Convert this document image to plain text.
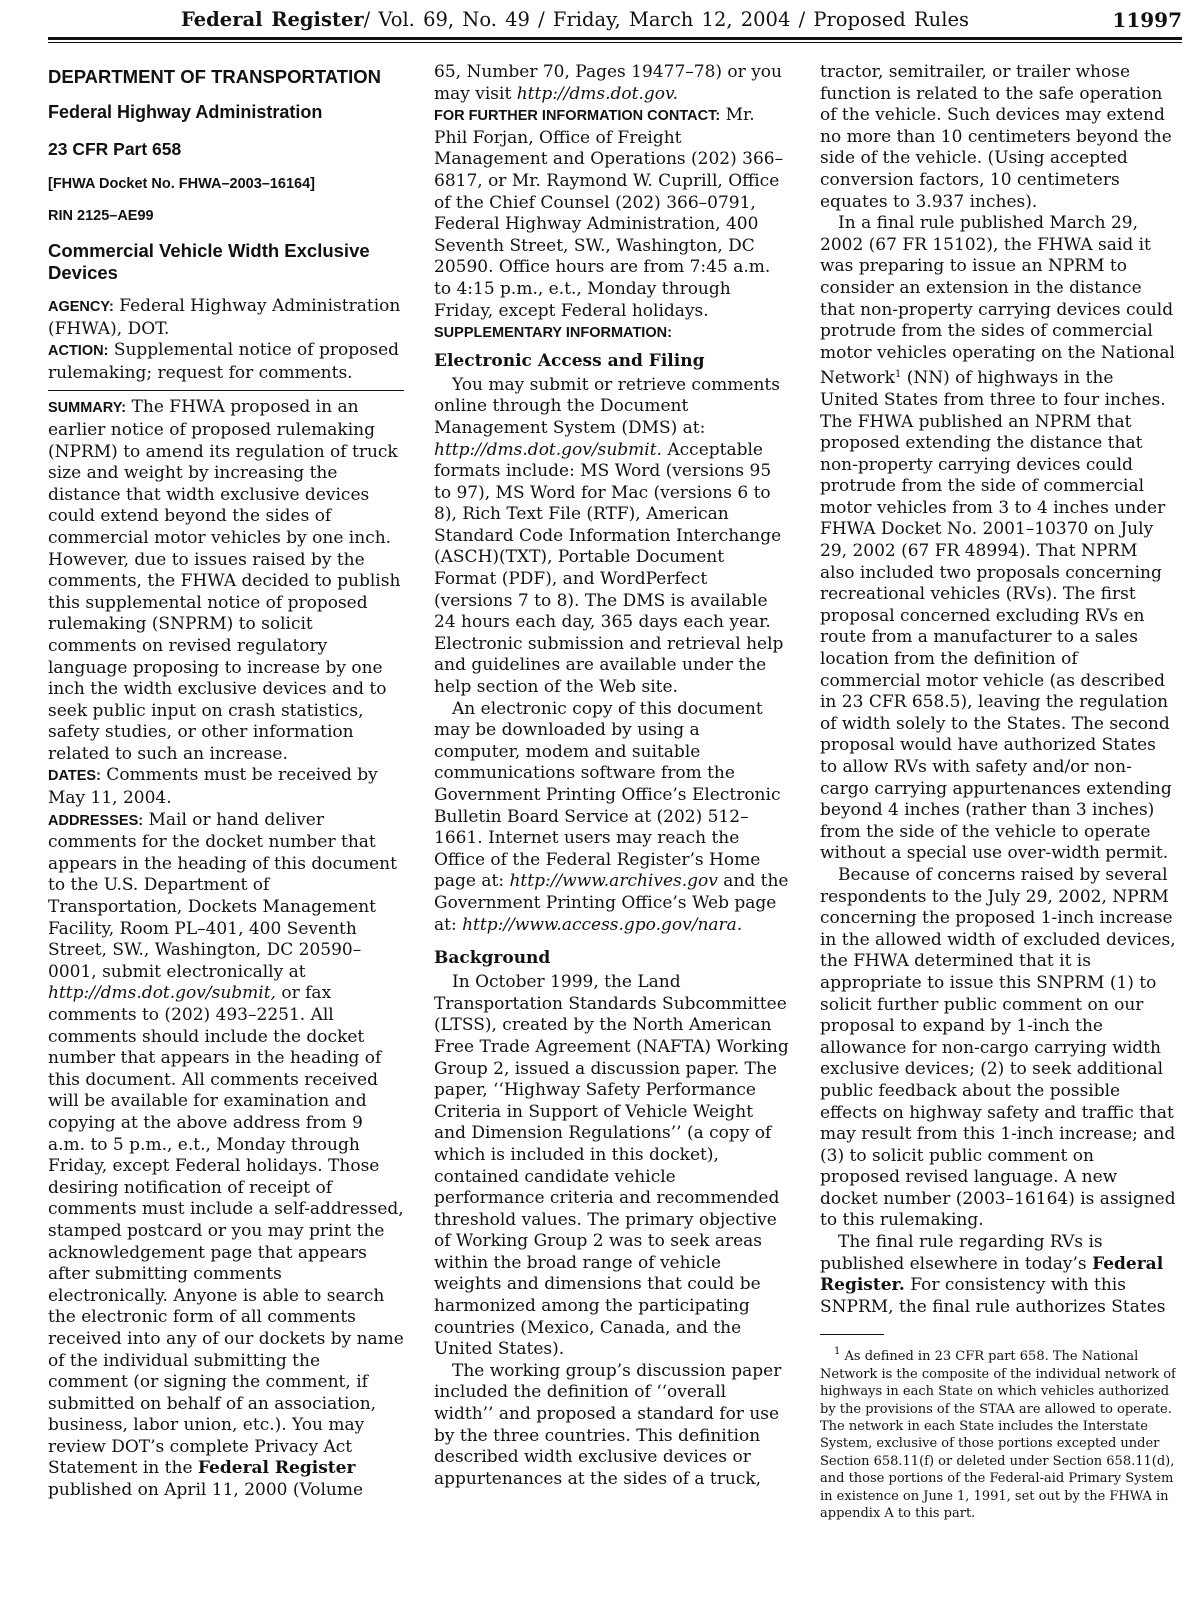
Federal Register/ Vol. 69, No. 49 / Friday, March 12, 2004 / Proposed Rules	11997
DEPARTMENT OF TRANSPORTATION
Federal Highway Administration
23 CFR Part 658
[FHWA Docket No. FHWA–2003–16164]
RIN 2125–AE99
Commercial Vehicle Width Exclusive Devices

AGENCY: Federal Highway Administration (FHWA), DOT.

ACTION: Supplemental notice of proposed rulemaking; request for comments.

SUMMARY: The FHWA proposed in an earlier notice of proposed rulemaking (NPRM) to amend its regulation of truck size and weight by increasing the distance that width exclusive devices could extend beyond the sides of commercial motor vehicles by one inch. However, due to issues raised by the comments, the FHWA decided to publish this supplemental notice of proposed rulemaking (SNPRM) to solicit comments on revised regulatory language proposing to increase by one inch the width exclusive devices and to seek public input on crash statistics, safety studies, or other information related to such an increase.

DATES: Comments must be received by May 11, 2004.

ADDRESSES: Mail or hand deliver comments for the docket number that appears in the heading of this document to the U.S. Department of Transportation, Dockets Management Facility, Room PL–401, 400 Seventh Street, SW., Washington, DC 20590–0001, submit electronically at http://dms.dot.gov/submit, or fax comments to (202) 493–2251. All comments should include the docket number that appears in the heading of this document. All comments received will be available for examination and copying at the above address from 9 a.m. to 5 p.m., e.t., Monday through Friday, except Federal holidays. Those desiring notification of receipt of comments must include a self-addressed, stamped postcard or you may print the acknowledgement page that appears after submitting comments electronically. Anyone is able to search the electronic form of all comments received into any of our dockets by name of the individual submitting the comment (or signing the comment, if submitted on behalf of an association, business, labor union, etc.). You may review DOT’s complete Privacy Act Statement in the Federal Register published on April 11, 2000 (Volume

65, Number 70, Pages 19477–78) or you may visit http://dms.dot.gov.

FOR FURTHER INFORMATION CONTACT: Mr. Phil Forjan, Office of Freight Management and Operations (202) 366–6817, or Mr. Raymond W. Cuprill, Office of the Chief Counsel (202) 366–0791, Federal Highway Administration, 400 Seventh Street, SW., Washington, DC 20590. Office hours are from 7:45 a.m. to 4:15 p.m., e.t., Monday through Friday, except Federal holidays.

SUPPLEMENTARY INFORMATION:

Electronic Access and Filing

You may submit or retrieve comments online through the Document Management System (DMS) at: http://dms.dot.gov/submit. Acceptable formats include: MS Word (versions 95 to 97), MS Word for Mac (versions 6 to 8), Rich Text File (RTF), American Standard Code Information Interchange (ASCH)(TXT), Portable Document Format (PDF), and WordPerfect (versions 7 to 8). The DMS is available 24 hours each day, 365 days each year. Electronic submission and retrieval help and guidelines are available under the help section of the Web site.

An electronic copy of this document may be downloaded by using a computer, modem and suitable communications software from the Government Printing Office’s Electronic Bulletin Board Service at (202) 512–1661. Internet users may reach the Office of the Federal Register’s Home page at: http://www.archives.gov and the Government Printing Office’s Web page at: http://www.access.gpo.gov/nara.

Background

In October 1999, the Land Transportation Standards Subcommittee (LTSS), created by the North American Free Trade Agreement (NAFTA) Working Group 2, issued a discussion paper. The paper, ‘‘Highway Safety Performance Criteria in Support of Vehicle Weight and Dimension Regulations’’ (a copy of which is included in this docket), contained candidate vehicle performance criteria and recommended threshold values. The primary objective of Working Group 2 was to seek areas within the broad range of vehicle weights and dimensions that could be harmonized among the participating countries (Mexico, Canada, and the United States).

The working group’s discussion paper included the definition of ‘‘overall width’’ and proposed a standard for use by the three countries. This definition described width exclusive devices or appurtenances at the sides of a truck,

tractor, semitrailer, or trailer whose function is related to the safe operation of the vehicle. Such devices may extend no more than 10 centimeters beyond the side of the vehicle. (Using accepted conversion factors, 10 centimeters equates to 3.937 inches).

In a final rule published March 29, 2002 (67 FR 15102), the FHWA said it was preparing to issue an NPRM to consider an extension in the distance that non-property carrying devices could protrude from the sides of commercial motor vehicles operating on the National Network$^1$ (NN) of highways in the United States from three to four inches. The FHWA published an NPRM that proposed extending the distance that non-property carrying devices could protrude from the side of commercial motor vehicles from 3 to 4 inches under FHWA Docket No. 2001–10370 on July 29, 2002 (67 FR 48994). That NPRM also included two proposals concerning recreational vehicles (RVs). The first proposal concerned excluding RVs en route from a manufacturer to a sales location from the definition of commercial motor vehicle (as described in 23 CFR 658.5), leaving the regulation of width solely to the States. The second proposal would have authorized States to allow RVs with safety and/or non-cargo carrying appurtenances extending beyond 4 inches (rather than 3 inches) from the side of the vehicle to operate without a special use over-width permit.

Because of concerns raised by several respondents to the July 29, 2002, NPRM concerning the proposed 1-inch increase in the allowed width of excluded devices, the FHWA determined that it is appropriate to issue this SNPRM (1) to solicit further public comment on our proposal to expand by 1-inch the allowance for non-cargo carrying width exclusive devices; (2) to seek additional public feedback about the possible effects on highway safety and traffic that may result from this 1-inch increase; and (3) to solicit public comment on proposed revised language. A new docket number (2003–16164) is assigned to this rulemaking.

The final rule regarding RVs is published elsewhere in today’s Federal Register. For consistency with this SNPRM, the final rule authorizes States

$^1$ As defined in 23 CFR part 658. The National Network is the composite of the individual network of highways in each State on which vehicles authorized by the provisions of the STAA are allowed to operate. The network in each State includes the Interstate System, exclusive of those portions excepted under Section 658.11(f) or deleted under Section 658.11(d), and those portions of the Federal-aid Primary System in existence on June 1, 1991, set out by the FHWA in appendix A to this part.
